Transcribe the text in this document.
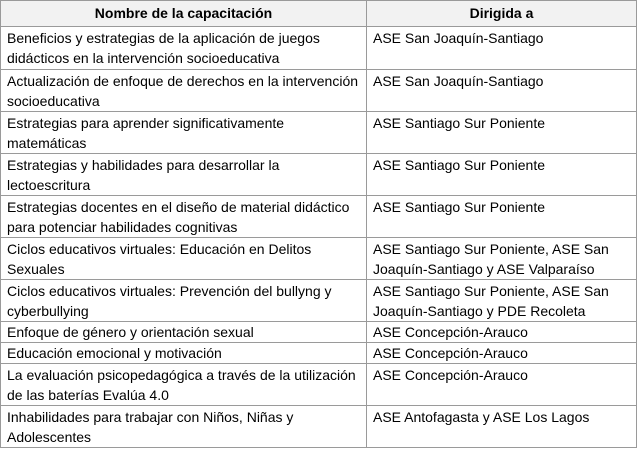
Nombre de la capacitación	Dirigida a
Beneficios y estrategias de la aplicación de juegos didácticos en la intervención socioeducativa	ASE San Joaquín-Santiago
Actualización de enfoque de derechos en la intervención socioeducativa	ASE San Joaquín-Santiago
Estrategias para aprender significativamente matemáticas	ASE Santiago Sur Poniente
Estrategias y habilidades para desarrollar la lectoescritura	ASE Santiago Sur Poniente
Estrategias docentes en el diseño de material didáctico para potenciar habilidades cognitivas	ASE Santiago Sur Poniente
Ciclos educativos virtuales: Educación en Delitos Sexuales	ASE Santiago Sur Poniente, ASE San Joaquín-Santiago y ASE Valparaíso
Ciclos educativos virtuales: Prevención del bullyng y cyberbullying	ASE Santiago Sur Poniente, ASE San Joaquín-Santiago y PDE Recoleta
Enfoque de género y orientación sexual	ASE Concepción-Arauco
Educación emocional y motivación	ASE Concepción-Arauco
La evaluación psicopedagógica a través de la utilización de las baterías Evalúa 4.0	ASE Concepción-Arauco
Inhabilidades para trabajar con Niños, Niñas y Adolescentes	ASE Antofagasta y ASE Los Lagos
